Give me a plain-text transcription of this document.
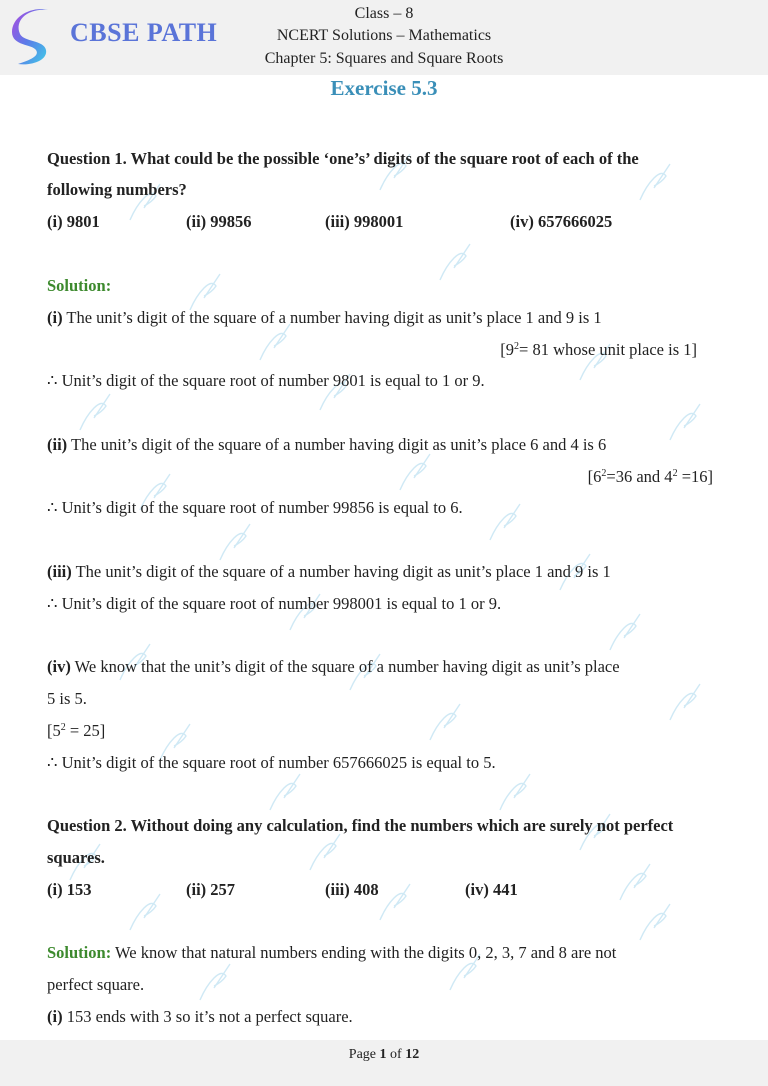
CBSE PATH
Class – 8
NCERT Solutions – Mathematics
Chapter 5: Squares and Square Roots
Exercise 5.3
Question 1. What could be the possible ‘one’s’ digits of the square root of each of the
following numbers?
(i) 9801	(ii) 99856	(iii) 998001	(iv) 657666025
Solution:
(i) The unit’s digit of the square of a number having digit as unit’s place 1 and 9 is 1
[$9^2= 81$ whose unit place is 1]
∴ Unit’s digit of the square root of number 9801 is equal to 1 or 9.
(ii) The unit’s digit of the square of a number having digit as unit’s place 6 and 4 is 6
[$6^2=36$ and $4^2 =16$]
∴ Unit’s digit of the square root of number 99856 is equal to 6.
(iii) The unit’s digit of the square of a number having digit as unit’s place 1 and 9 is 1
∴ Unit’s digit of the square root of number 998001 is equal to 1 or 9.
(iv) We know that the unit’s digit of the square of a number having digit as unit’s place
5 is 5.
$[5^2 = 25]$
∴ Unit’s digit of the square root of number 657666025 is equal to 5.
Question 2. Without doing any calculation, find the numbers which are surely not perfect
squares.
(i) 153	(ii) 257	(iii) 408	(iv) 441
Solution: We know that natural numbers ending with the digits 0, 2, 3, 7 and 8 are not
perfect square.
(i) 153 ends with 3 so it’s not a perfect square.
Page 1 of 12
